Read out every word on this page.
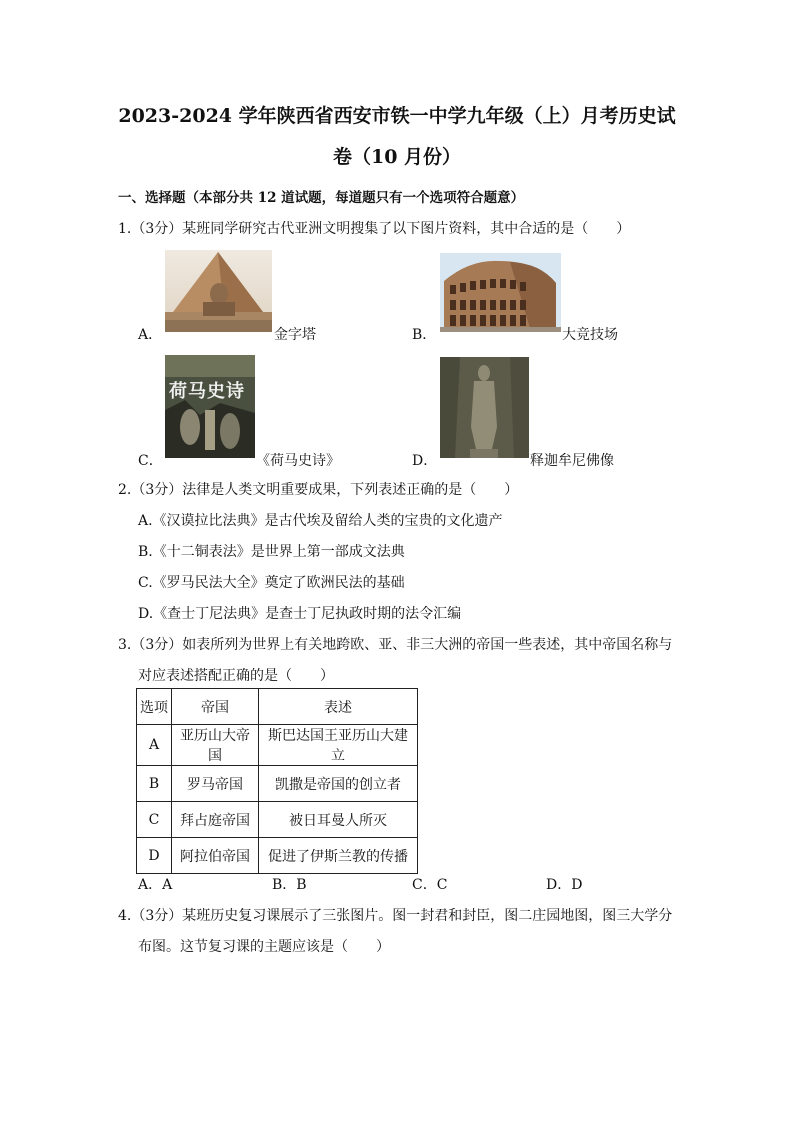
2023-2024 学年陕西省西安市铁一中学九年级（上）月考历史试
卷（10 月份）
一、选择题（本部分共 12 道试题，每道题只有一个选项符合题意）
1.（3分）某班同学研究古代亚洲文明搜集了以下图片资料，其中合适的是（　　）
A．	金字塔	B．	大竞技场
C．
荷马史诗
《荷马史诗》	D．	释迦牟尼佛像
2.（3分）法律是人类文明重要成果，下列表述正确的是（　　）
A.《汉谟拉比法典》是古代埃及留给人类的宝贵的文化遗产
B.《十二铜表法》是世界上第一部成文法典
C.《罗马民法大全》奠定了欧洲民法的基础
D.《查士丁尼法典》是查士丁尼执政时期的法令汇编
3.（3分）如表所列为世界上有关地跨欧、亚、非三大洲的帝国一些表述，其中帝国名称与
对应表述搭配正确的是（　　）
选项	帝国	表述
A	亚历山大帝国	斯巴达国王亚历山大建立
B	罗马帝国	凯撒是帝国的创立者
C	拜占庭帝国	被日耳曼人所灭
D	阿拉伯帝国	促进了伊斯兰教的传播
A．A	B．B	C．C	D．D
4.（3分）某班历史复习课展示了三张图片。图一封君和封臣，图二庄园地图，图三大学分
布图。这节复习课的主题应该是（　　）
